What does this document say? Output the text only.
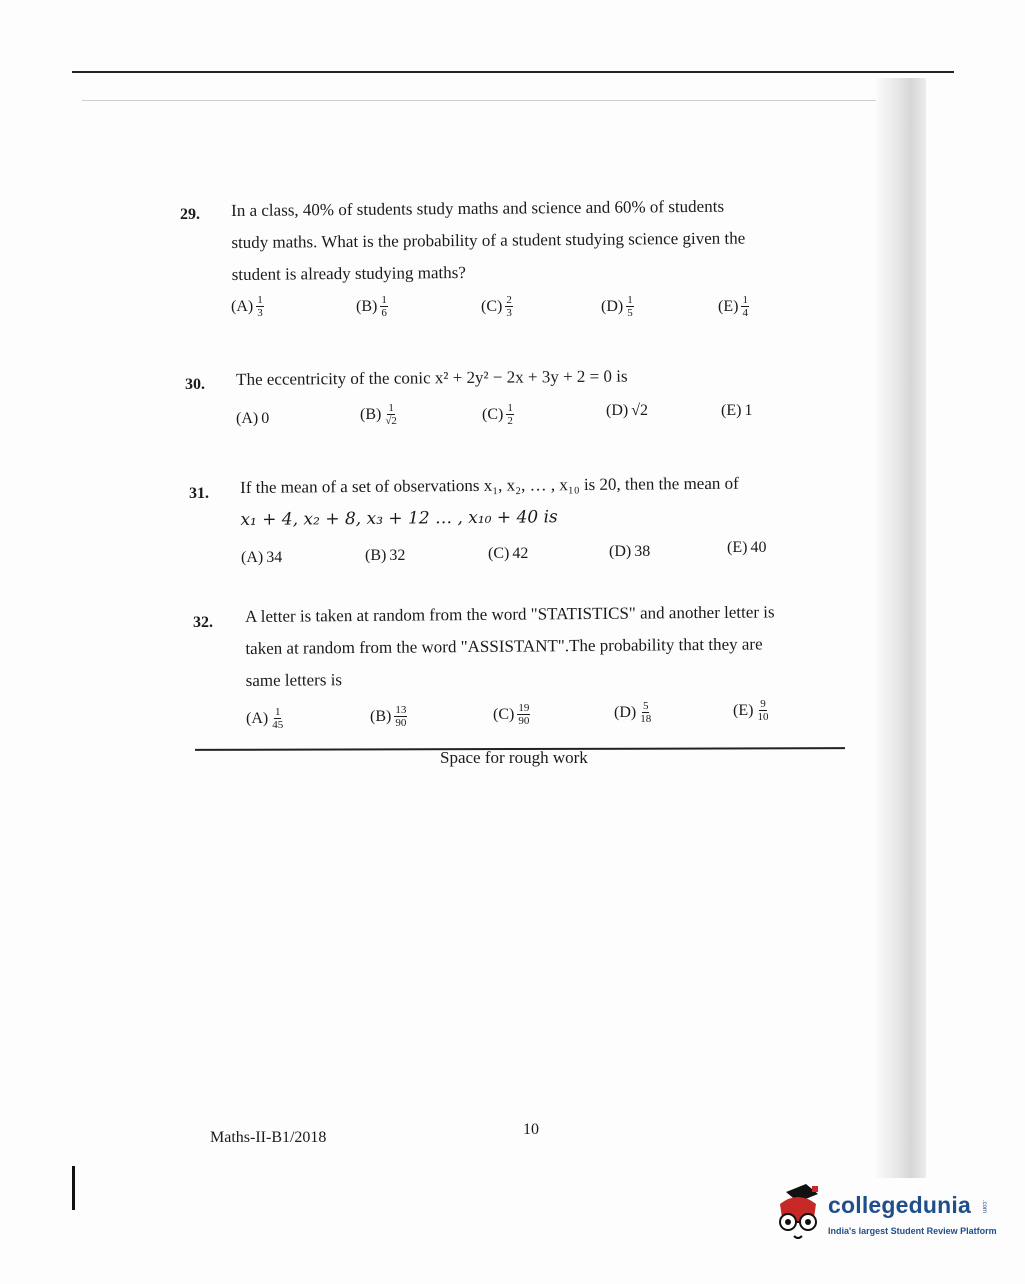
29. In a class, 40% of students study maths and science and 60% of students
study maths. What is the probability of a student studying science given the
student is already studying maths?
$(A) \frac{1}{3}$	$(B) \frac{1}{6}$	$(C) \frac{2}{3}$	$(D) \frac{1}{5}$	$(E) \frac{1}{4}$
30. The eccentricity of the conic x² + 2y² − 2x + 3y + 2 = 0 is
(A) 0	$(B) \frac{1}{√2}$	$(C) \frac{1}{2}$	(D) √2	(E) 1
31. If the mean of a set of observations x₁, x₂, … , x₁₀ is 20, then the mean of
x₁ + 4, x₂ + 8, x₃ + 12 … , x₁₀ + 40 is
(A) 34	(B) 32	(C) 42	(D) 38	(E) 40
32. A letter is taken at random from the word "STATISTICS" and another letter is
taken at random from the word "ASSISTANT".The probability that they are
same letters is
$(A) \frac{1}{45}$	$(B) \frac{13}{90}$	$(C) \frac{19}{90}$	$(D) \frac{5}{18}$	$(E) \frac{9}{10}$
Space for rough work
Maths-II-B1/2018	10
collegedunia .com
India's largest Student Review Platform
